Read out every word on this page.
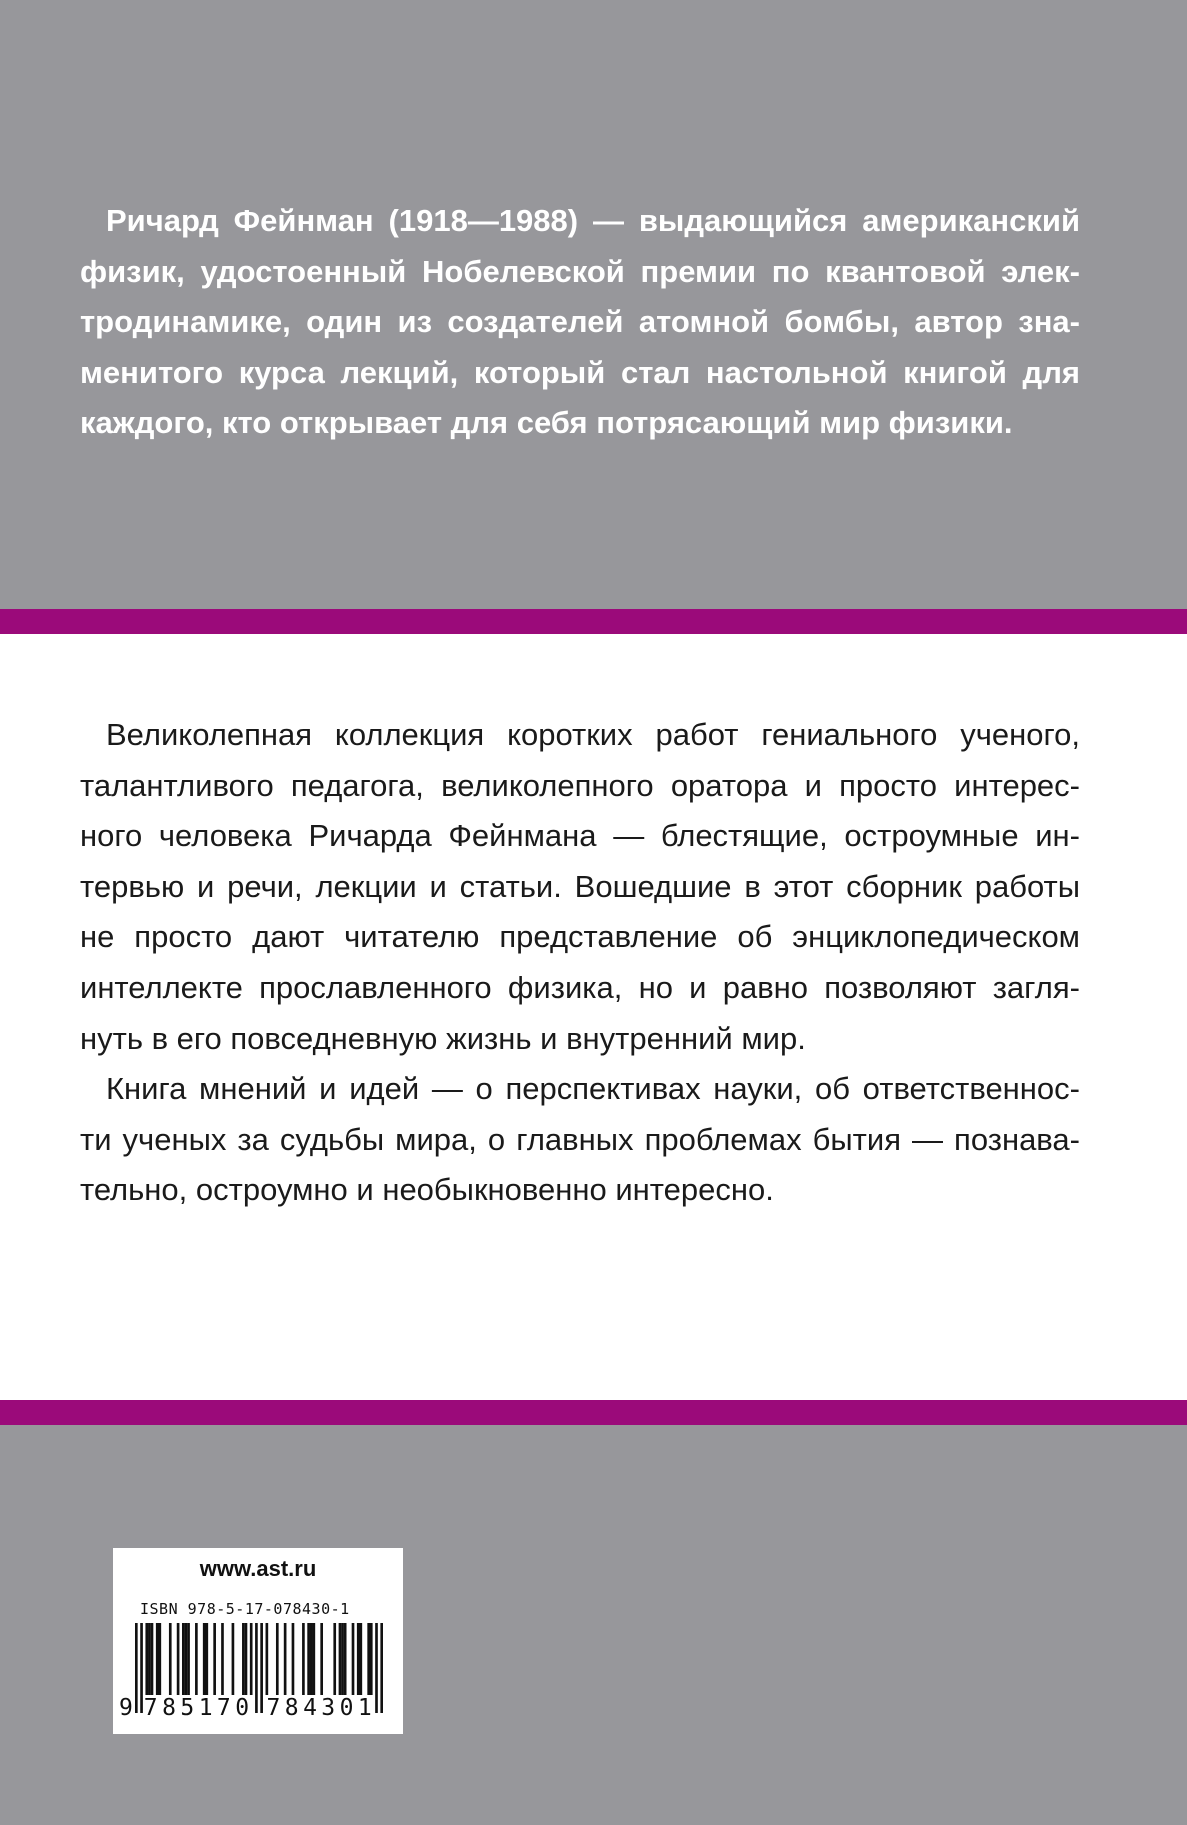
Ричард Фейнман (1918—1988) — выдающийся американский
физик, удостоенный Нобелевской премии по квантовой элек-
тродинамике, один из создателей атомной бомбы, автор зна-
менитого курса лекций, который стал настольной книгой для
каждого, кто открывает для себя потрясающий мир физики.
Великолепная коллекция коротких работ гениального ученого,
талантливого педагога, великолепного оратора и просто интерес-
ного человека Ричарда Фейнмана — блестящие, остроумные ин-
тервью и речи, лекции и статьи. Вошедшие в этот сборник работы
не просто дают читателю представление об энциклопедическом
интеллекте прославленного физика, но и равно позволяют загля-
нуть в его повседневную жизнь и внутренний мир.
Книга мнений и идей — о перспективах науки, об ответственнос-
ти ученых за судьбы мира, о главных проблемах бытия — познава-
тельно, остроумно и необыкновенно интересно.
www.ast.ru
ISBN 978-5-17-078430-1
9 7 8 5 1 7 0 7 8 4 3 0 1
